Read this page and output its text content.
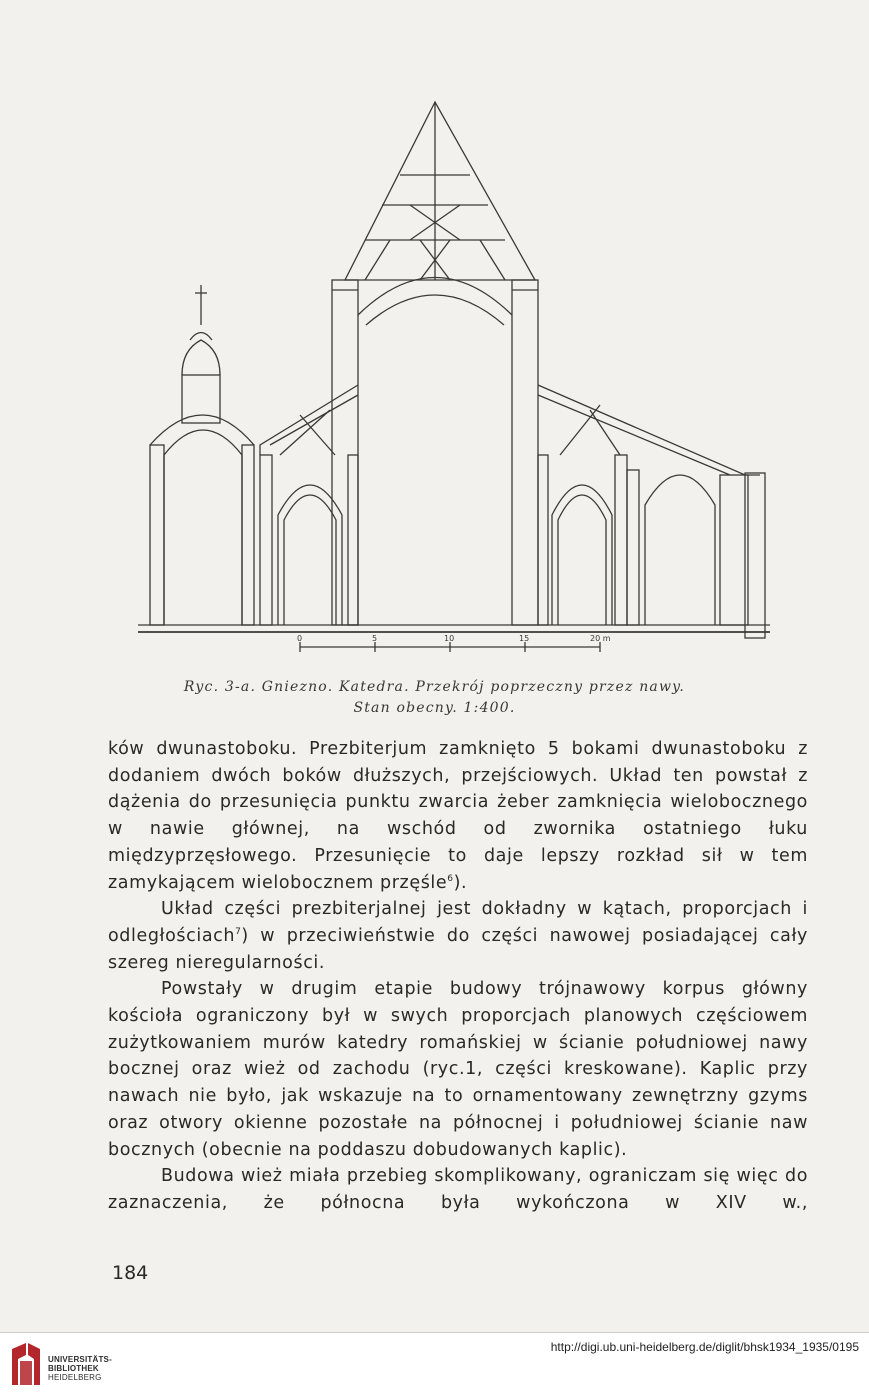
0	5	10	15	20 m
Ryc. 3-a. Gniezno. Katedra. Przekrój poprzeczny przez nawy.
Stan obecny. 1:400.

ków dwunastoboku. Prezbiterjum zamknięto 5 bokami dwunastoboku z dodaniem dwóch boków dłuższych, przejściowych. Układ ten powstał z dążenia do przesunięcia punktu zwarcia żeber zamknięcia wielobocznego w nawie głównej, na wschód od zwornika ostatniego łuku międzyprzęsłowego. Przesunięcie to daje lepszy rozkład sił w tem zamykającem wielobocznem przęśle$^6$).

Układ części prezbiterjalnej jest dokładny w kątach, proporcjach i odległościach$^7$) w przeciwieństwie do części nawowej posiadającej cały szereg nieregularności.

Powstały w drugim etapie budowy trójnawowy korpus główny kościoła ograniczony był w swych proporcjach planowych częściowem zużytkowaniem murów katedry romańskiej w ścianie południowej nawy bocznej oraz wież od zachodu (ryc.1, części kreskowane). Kaplic przy nawach nie było, jak wskazuje na to ornamentowany zewnętrzny gzyms oraz otwory okienne pozostałe na północnej i południowej ścianie naw bocznych (obecnie na poddaszu dobudowanych kaplic).

Budowa wież miała przebieg skomplikowany, ograniczam się więc do zaznaczenia, że północna była wykończona w XIV w.,

184
UNIVERSITÄTS-
BIBLIOTHEK
HEIDELBERG
http://digi.ub.uni-heidelberg.de/diglit/bhsk1934_1935/0195
